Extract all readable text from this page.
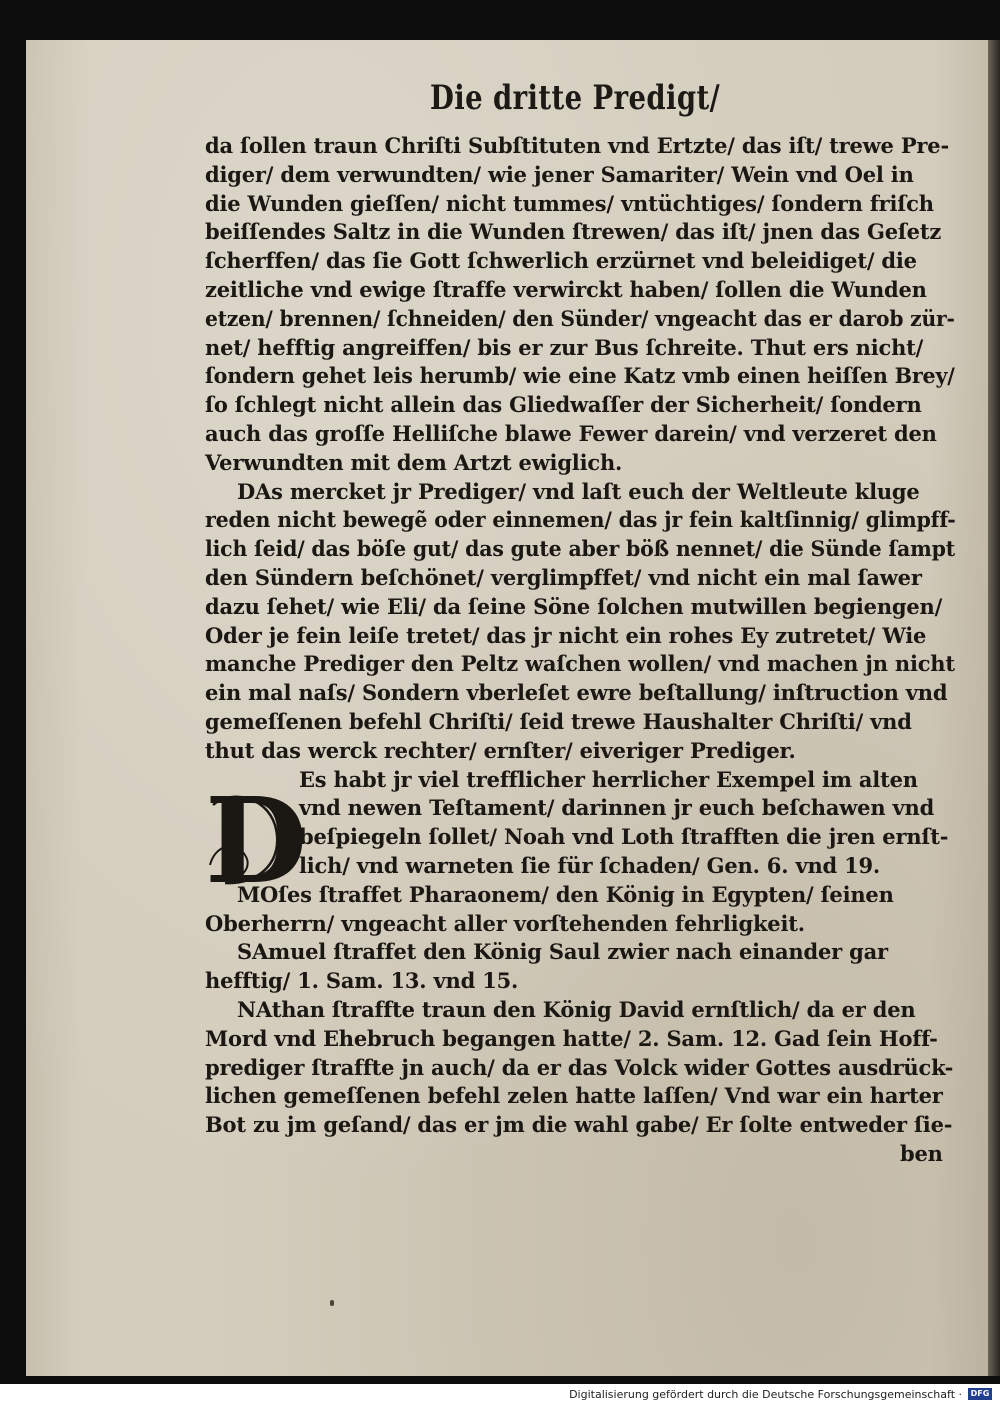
Die dritte Predigt/
D
da ſollen traun Chriſti Subſtituten vnd Ertzte/ das iſt/ trewe Pre-
diger/ dem verwundten/ wie jener Samariter/ Wein vnd Oel in
die Wunden gieſſen/ nicht tummes/ vntüchtiges/ ſondern friſch
beiſſendes Saltz in die Wunden ſtrewen/ das iſt/ jnen das Geſetz
ſcherffen/ das ſie Gott ſchwerlich erzürnet vnd beleidiget/ die
zeitliche vnd ewige ſtraffe verwirckt haben/ ſollen die Wunden
etzen/ brennen/ ſchneiden/ den Sünder/ vngeacht das er darob zür-
net/ hefftig angreiffen/ bis er zur Bus ſchreite. Thut ers nicht/
ſondern gehet leis herumb/ wie eine Katz vmb einen heiſſen Brey/
ſo ſchlegt nicht allein das Gliedwaſſer der Sicherheit/ ſondern
auch das groſſe Helliſche blawe Fewer darein/ vnd verzeret den
Verwundten mit dem Artzt ewiglich.
DAs mercket jr Prediger/ vnd laſt euch der Weltleute kluge
reden nicht bewegẽ oder einnemen/ das jr fein kaltſinnig/ glimpff-
lich ſeid/ das böſe gut/ das gute aber böß nennet/ die Sünde ſampt
den Sündern beſchönet/ verglimpffet/ vnd nicht ein mal ſawer
dazu ſehet/ wie Eli/ da ſeine Söne ſolchen mutwillen begiengen/
Oder je fein leiſe tretet/ das jr nicht ein rohes Ey zutretet/ Wie
manche Prediger den Peltz waſchen wollen/ vnd machen jn nicht
ein mal naſs/ Sondern vberleſet ewre beſtallung/ inſtruction vnd
gemeſſenen befehl Chriſti/ ſeid trewe Haushalter Chriſti/ vnd
thut das werck rechter/ ernſter/ eiveriger Prediger.
Es habt jr viel trefflicher herrlicher Exempel im alten
vnd newen Teſtament/ darinnen jr euch beſchawen vnd
beſpiegeln ſollet/ Noah vnd Loth ſtrafften die jren ernſt-
lich/ vnd warneten ſie für ſchaden/ Gen. 6. vnd 19.
MOſes ſtraffet Pharaonem/ den König in Egypten/ ſeinen
Oberherrn/ vngeacht aller vorſtehenden fehrligkeit.
SAmuel ſtraffet den König Saul zwier nach einander gar
hefftig/ 1. Sam. 13. vnd 15.
NAthan ſtraffte traun den König David ernſtlich/ da er den
Mord vnd Ehebruch begangen hatte/ 2. Sam. 12. Gad ſein Hoff-
prediger ſtraffte jn auch/ da er das Volck wider Gottes ausdrück-
lichen gemeſſenen befehl zelen hatte laſſen/ Vnd war ein harter
Bot zu jm geſand/ das er jm die wahl gabe/ Er ſolte entweder ſie-
ben
Digitalisierung gefördert durch die Deutsche Forschungsgemeinschaft ·	DFG
